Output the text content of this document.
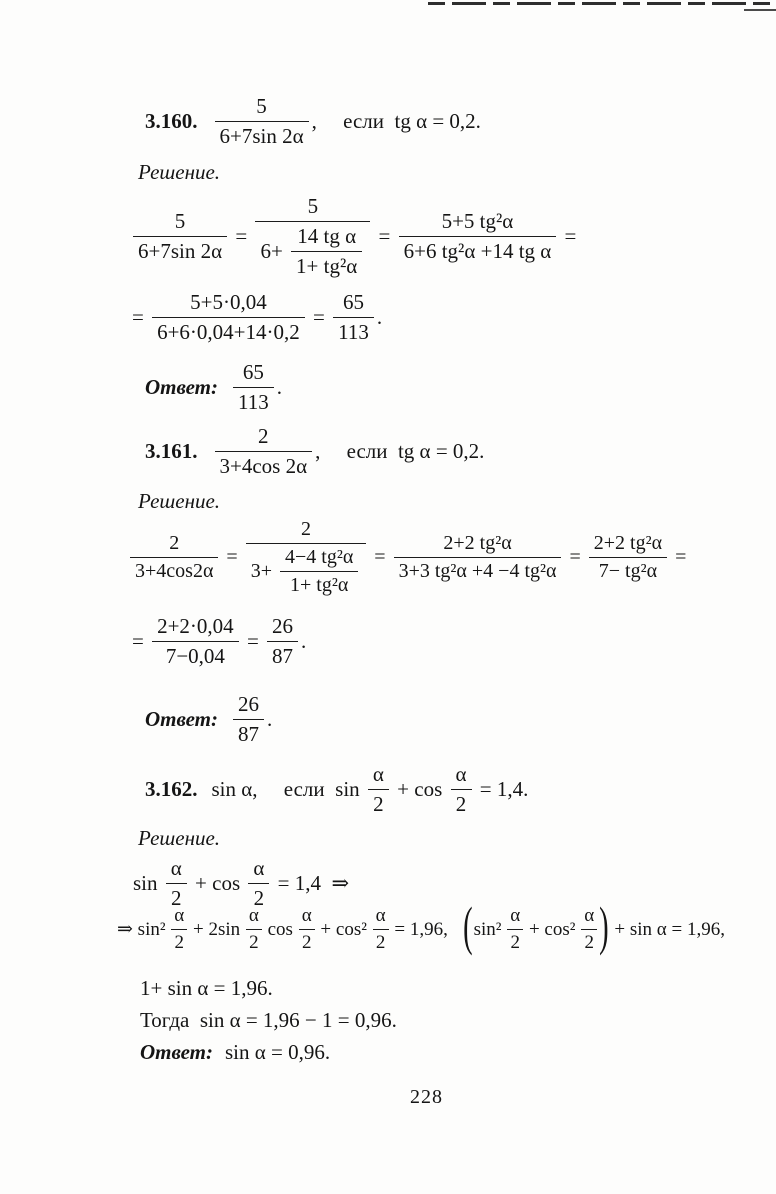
3.160. $\frac{5}{6+7\sin 2\alpha}$ ,     если  tg α = 0,2.
Решение.
$\frac{5}{6+7\sin 2\alpha} = \frac{5}{6+ \frac{\text{14 tg α}}{\text{1+ tg²α}}} = \frac{\text{5+5 tg²α}}{\text{6+6 tg²α +14 tg α}}$ =
= $\frac{5+5\cdot 0,04}{6+6\cdot 0,04+14\cdot 0,2} = \frac{65}{113}$ .
Ответ: $\frac{65}{113}$ .
3.161. $\frac{2}{3+4\cos 2\alpha}$ ,     если  tg α = 0,2.
Решение.
$\frac{2}{3+4\cos 2\alpha} = \frac{2}{3+ \frac{\text{4−4 tg²α}}{\text{1+ tg²α}}} = \frac{\text{2+2 tg²α}}{\text{3+3 tg²α +4 −4 tg²α}} = \frac{\text{2+2 tg²α}}{\text{7− tg²α}}$ =
= $\frac{2+2\cdot 0,04}{7-0,04} = \frac{26}{87}$ .
Ответ: $\frac{26}{87}$ .
3.162. sin α,     если  $\sin \frac{\alpha}{2} + \cos \frac{\alpha}{2} = 1,4$.
Решение.
$\sin \frac{\alpha}{2} + \cos \frac{\alpha}{2} = 1,4$  ⇒
⇒ $\sin^2 \frac{\alpha}{2} + 2\sin \frac{\alpha}{2}$ $\cos \frac{\alpha}{2} + \cos^2 \frac{\alpha}{2} = 1,96$, ( $\sin^2 \frac{\alpha}{2} + \cos^2 \frac{\alpha}{2}$ ) + sin α = 1,96,
1+ sin α = 1,96.
Тогда  sin α = 1,96 − 1 = 0,96.
Ответ: sin α = 0,96.
228
